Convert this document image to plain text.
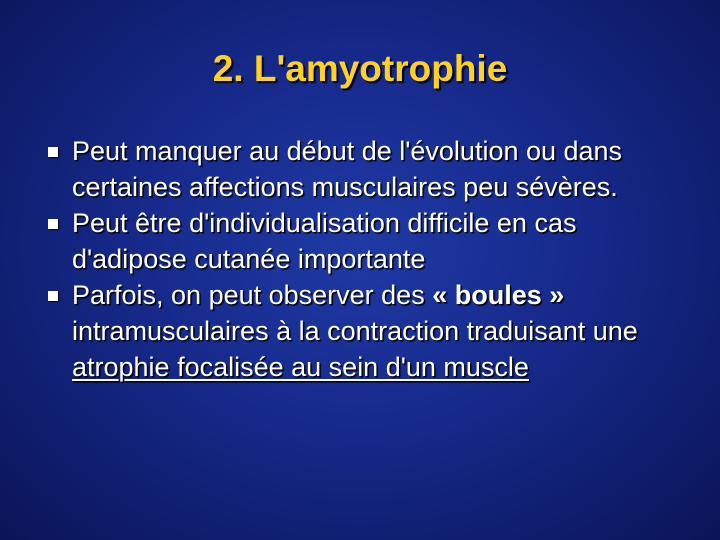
2. L'amyotrophie
Peut manquer au début de l'évolution ou dans certaines affections musculaires peu sévères.
Peut être d'individualisation difficile en cas d'adipose cutanée importante
Parfois, on peut observer des « boules » intramusculaires à la contraction traduisant une atrophie focalisée au sein d'un muscle
